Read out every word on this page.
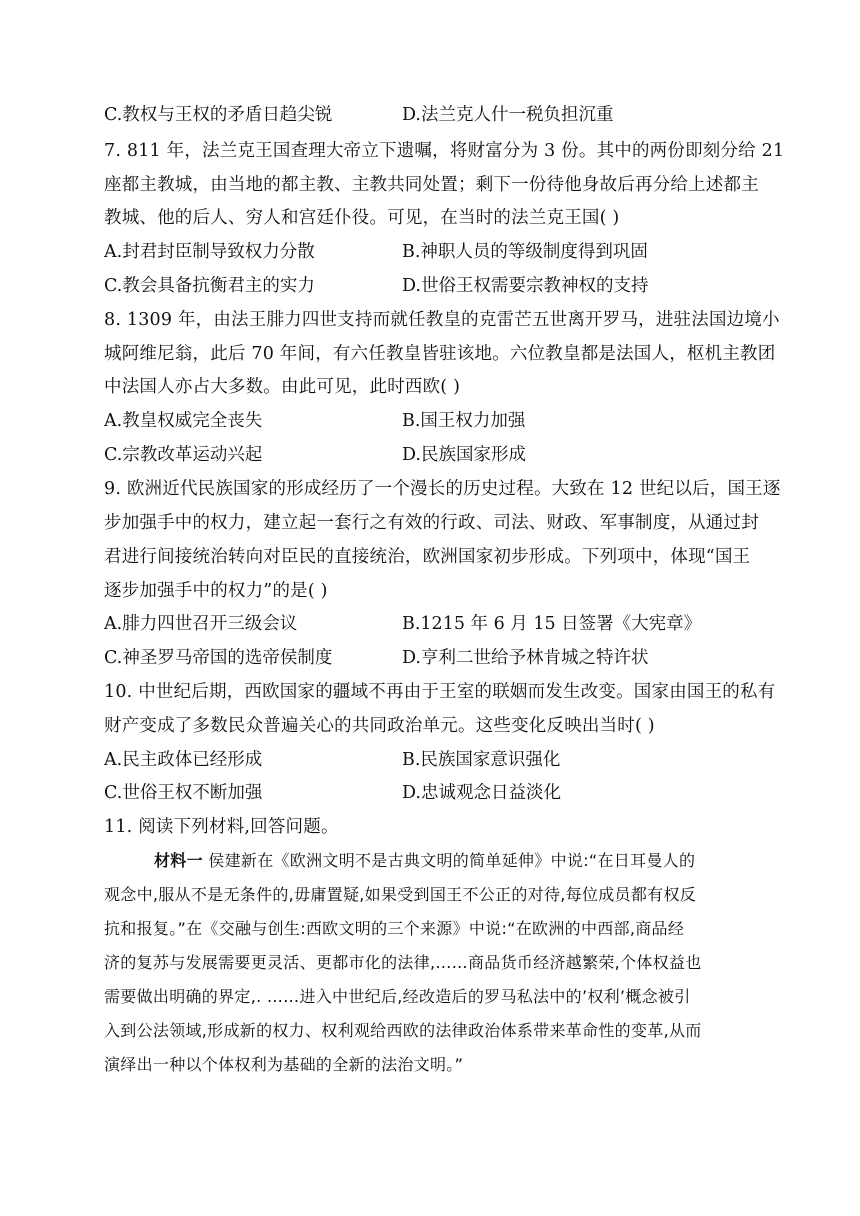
C.教权与王权的矛盾日趋尖锐	D.法兰克人什一税负担沉重
7. 811 年，法兰克王国查理大帝立下遗嘱，将财富分为 3 份。其中的两份即刻分给 21
座都主教城，由当地的都主教、主教共同处置；剩下一份待他身故后再分给上述都主
教城、他的后人、穷人和宫廷仆役。可见，在当时的法兰克王国( )
A.封君封臣制导致权力分散	B.神职人员的等级制度得到巩固
C.教会具备抗衡君主的实力	D.世俗王权需要宗教神权的支持
8. 1309 年，由法王腓力四世支持而就任教皇的克雷芒五世离开罗马，进驻法国边境小
城阿维尼翁，此后 70 年间，有六任教皇皆驻该地。六位教皇都是法国人，枢机主教团
中法国人亦占大多数。由此可见，此时西欧( )
A.教皇权威完全丧失	B.国王权力加强
C.宗教改革运动兴起	D.民族国家形成
9. 欧洲近代民族国家的形成经历了一个漫长的历史过程。大致在 12 世纪以后，国王逐
步加强手中的权力，建立起一套行之有效的行政、司法、财政、军事制度，从通过封
君进行间接统治转向对臣民的直接统治，欧洲国家初步形成。下列项中，体现“国王
逐步加强手中的权力”的是( )
A.腓力四世召开三级会议	B.1215 年 6 月 15 日签署《大宪章》
C.神圣罗马帝国的选帝侯制度	D.亨利二世给予林肯城之特许状
10. 中世纪后期，西欧国家的疆域不再由于王室的联姻而发生改变。国家由国王的私有
财产变成了多数民众普遍关心的共同政治单元。这些变化反映出当时( )
A.民主政体已经形成	B.民族国家意识强化
C.世俗王权不断加强	D.忠诚观念日益淡化
11. 阅读下列材料,回答问题。
材料一 侯建新在《欧洲文明不是古典文明的简单延伸》中说:“在日耳曼人的
观念中,服从不是无条件的,毋庸置疑,如果受到国王不公正的对待,每位成员都有权反
抗和报复。”在《交融与创生:西欧文明的三个来源》中说:“在欧洲的中西部,商品经
济的复苏与发展需要更灵活、更都市化的法律,……商品货币经济越繁荣,个体权益也
需要做出明确的界定,. ……进入中世纪后,经改造后的罗马私法中的’权利’概念被引
入到公法领域,形成新的权力、权利观给西欧的法律政治体系带来革命性的变革,从而
演绎出一种以个体权利为基础的全新的法治文明。”
